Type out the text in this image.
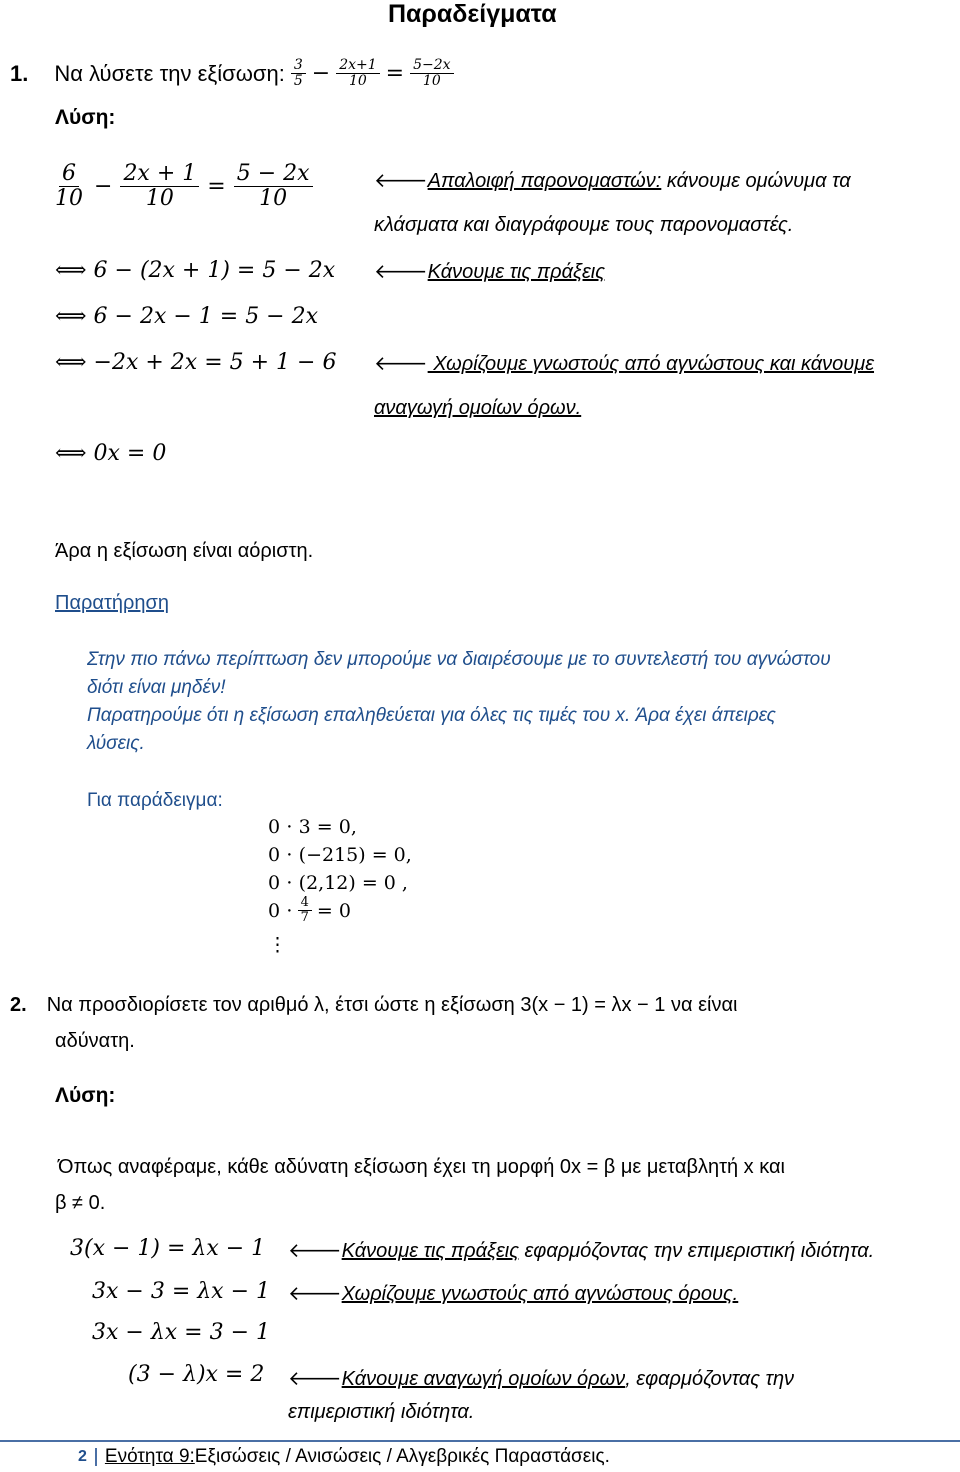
Παραδείγματα
1. Να λύσετε την εξίσωση: 3
$5 - \frac{2x+1}{10} = \frac{5-2x}{10}$
Λύση:
6
$10 - \frac{2x + 1}{10} = \frac{5 - 2x}{10}$	🡐Απαλοιφή παρονομαστών: κάνουμε ομώνυμα τα
κλάσματα και διαγράφουμε τους παρονομαστές.
⟺ 6 − (2x + 1) = 5 − 2x 🡐Κάνουμε τις πράξεις
⟺ 6 − 2x − 1 = 5 − 2x
⟺ −2x + 2x = 5 + 1 − 6 🡐 Χωρίζουμε γνωστούς από αγνώστους και κάνουμε
αναγωγή ομοίων όρων.
⟺ 0x = 0
Άρα η εξίσωση είναι αόριστη.
Παρατήρηση
Στην πιο πάνω περίπτωση δεν μπορούμε να διαιρέσουμε με το συντελεστή του αγνώστου
διότι είναι μηδέν!
Παρατηρούμε ότι η εξίσωση επαληθεύεται για όλες τις τιμές του x. Άρα έχει άπειρες
λύσεις.
Για παράδειγμα:
0 ⋅ 3 = 0,
0 ⋅ (−215) = 0,
0 ⋅ (2,12) = 0 ,
$0 \cdot \frac{4}{7} = 0$
⋮
2. Να προσδιορίσετε τον αριθμό λ, έτσι ώστε η εξίσωση 3(x − 1) = λx − 1 να είναι
αδύνατη.
Λύση:
Όπως αναφέραμε, κάθε αδύνατη εξίσωση έχει τη μορφή 0x = β με μεταβλητή x και
β ≠ 0.
3(x − 1) = λx − 1 🡐Κάνουμε τις πράξεις εφαρμόζοντας την επιμεριστική ιδιότητα.
3x − 3 = λx − 1 🡐Χωρίζουμε γνωστούς από αγνώστους όρους.
3x − λx = 3 − 1
(3 − λ)x = 2 🡐Κάνουμε αναγωγή ομοίων όρων, εφαρμόζοντας την
επιμεριστική ιδιότητα.
2 Ενότητα 9: Εξισώσεις / Ανισώσεις / Αλγεβρικές Παραστάσεις.
